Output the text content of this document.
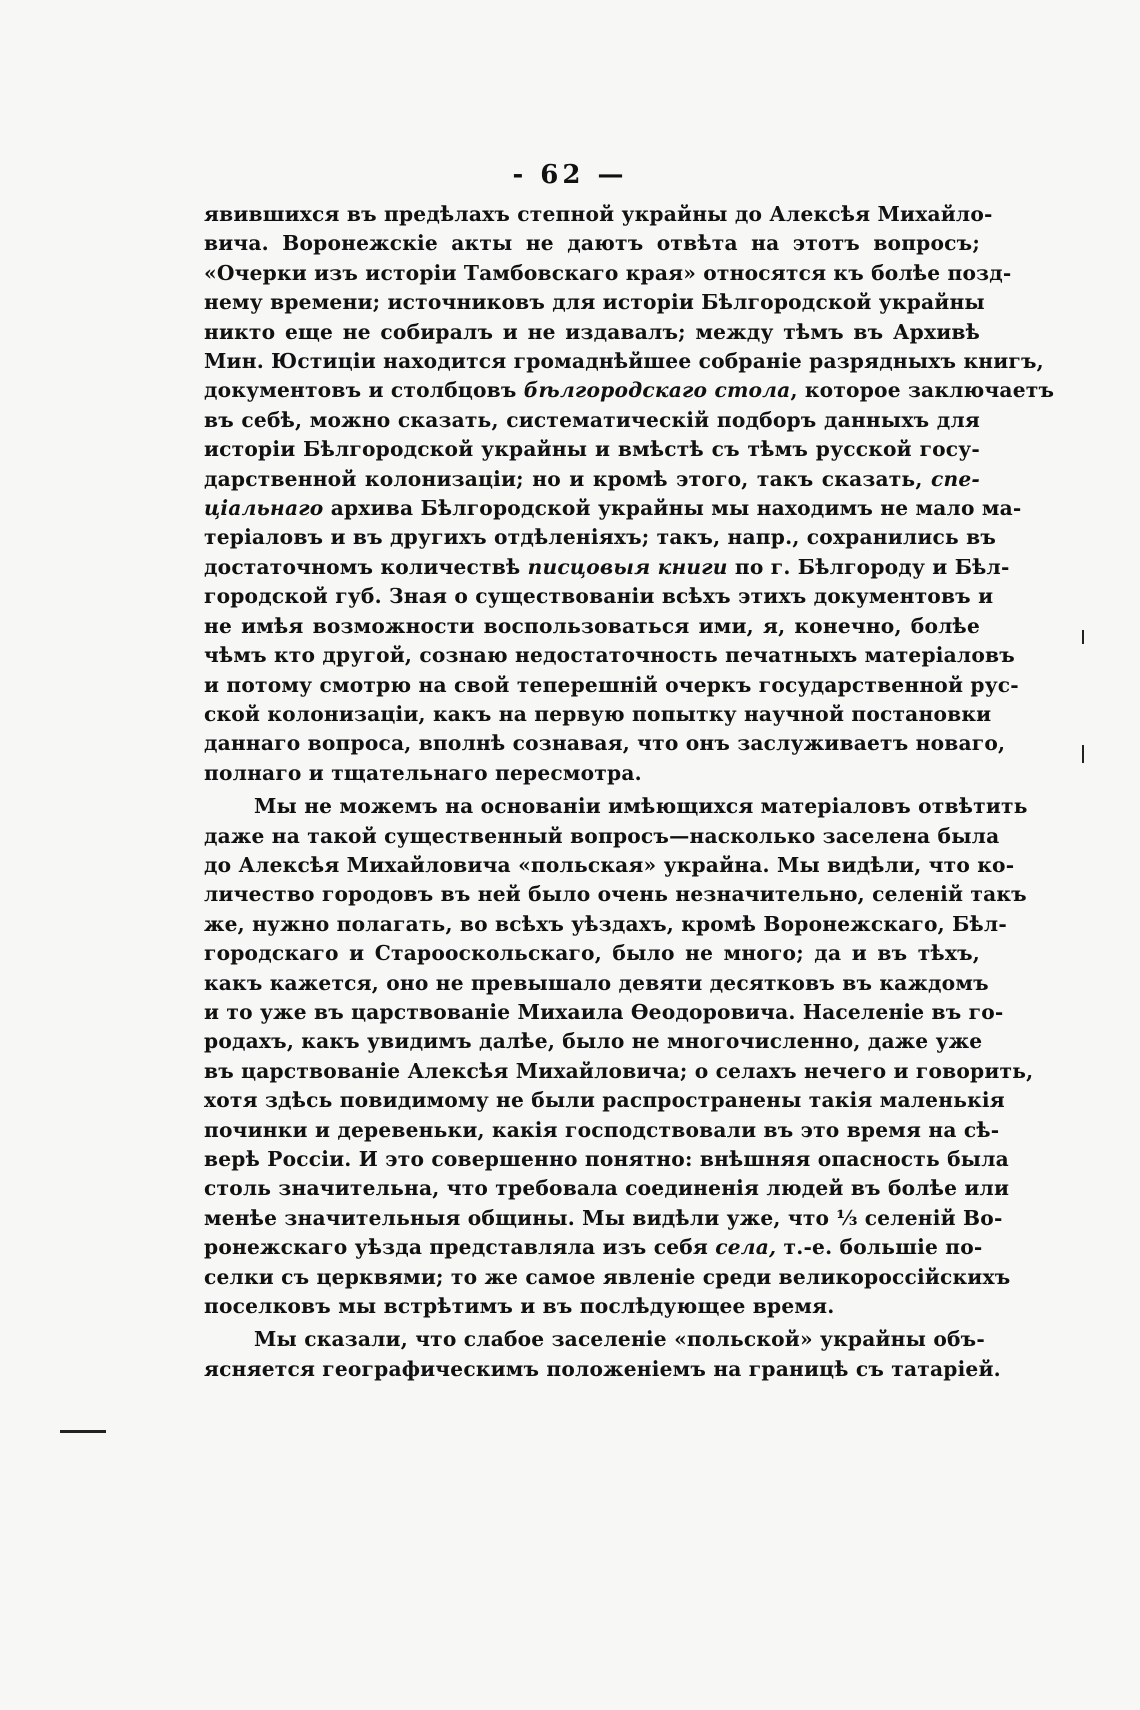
- 62 —

явившихся въ предѣлахъ степной украйны до Алексѣя Михайло-
вича. Воронежскіе акты не даютъ отвѣта на этотъ вопросъ;
«Очерки изъ исторіи Тамбовскаго края» относятся къ болѣе позд-
нему времени; источниковъ для исторіи Бѣлгородской украйны
никто еще не собиралъ и не издавалъ; между тѣмъ въ Архивѣ
Мин. Юстиціи находится громаднѣйшее собраніе разрядныхъ книгъ,
документовъ и столбцовъ бѣлгородскаго стола, которое заключаетъ
въ себѣ, можно сказать, систематическій подборъ данныхъ для
исторіи Бѣлгородской украйны и вмѣстѣ съ тѣмъ русской госу-
дарственной колонизаціи; но и кромѣ этого, такъ сказать, спе-
ціальнаго архива Бѣлгородской украйны мы находимъ не мало ма-
теріаловъ и въ другихъ отдѣленіяхъ; такъ, напр., сохранились въ
достаточномъ количествѣ писцовыя книги по г. Бѣлгороду и Бѣл-
городской губ. Зная о существованіи всѣхъ этихъ документовъ и
не имѣя возможности воспользоваться ими, я, конечно, болѣе
чѣмъ кто другой, сознаю недостаточность печатныхъ матеріаловъ
и потому смотрю на свой теперешній очеркъ государственной рус-
ской колонизаціи, какъ на первую попытку научной постановки
даннаго вопроса, вполнѣ сознавая, что онъ заслуживаетъ новаго,
полнаго и тщательнаго пересмотра.

Мы не можемъ на основаніи имѣющихся матеріаловъ отвѣтить
даже на такой существенный вопросъ—насколько заселена была
до Алексѣя Михайловича «польская» украйна. Мы видѣли, что ко-
личество городовъ въ ней было очень незначительно, селеній такъ
же, нужно полагать, во всѣхъ уѣздахъ, кромѣ Воронежскаго, Бѣл-
городскаго и Старооскольскаго, было не много; да и въ тѣхъ,
какъ кажется, оно не превышало девяти десятковъ въ каждомъ
и то уже въ царствованіе Михаила Ѳеодоровича. Населеніе въ го-
родахъ, какъ увидимъ далѣе, было не многочисленно, даже уже
въ царствованіе Алексѣя Михайловича; о селахъ нечего и говорить,
хотя здѣсь повидимому не были распространены такія маленькія
починки и деревеньки, какія господствовали въ это время на сѣ-
верѣ Россіи. И это совершенно понятно: внѣшняя опасность была
столь значительна, что требовала соединенія людей въ болѣе или
менѣе значительныя общины. Мы видѣли уже, что ⅓ селеній Во-
ронежскаго уѣзда представляла изъ себя села, т.-е. большіе по-
селки съ церквями; то же самое явленіе среди великороссійскихъ
поселковъ мы встрѣтимъ и въ послѣдующее время.

Мы сказали, что слабое заселеніе «польской» украйны объ-
ясняется географическимъ положеніемъ на границѣ съ татаріей.
